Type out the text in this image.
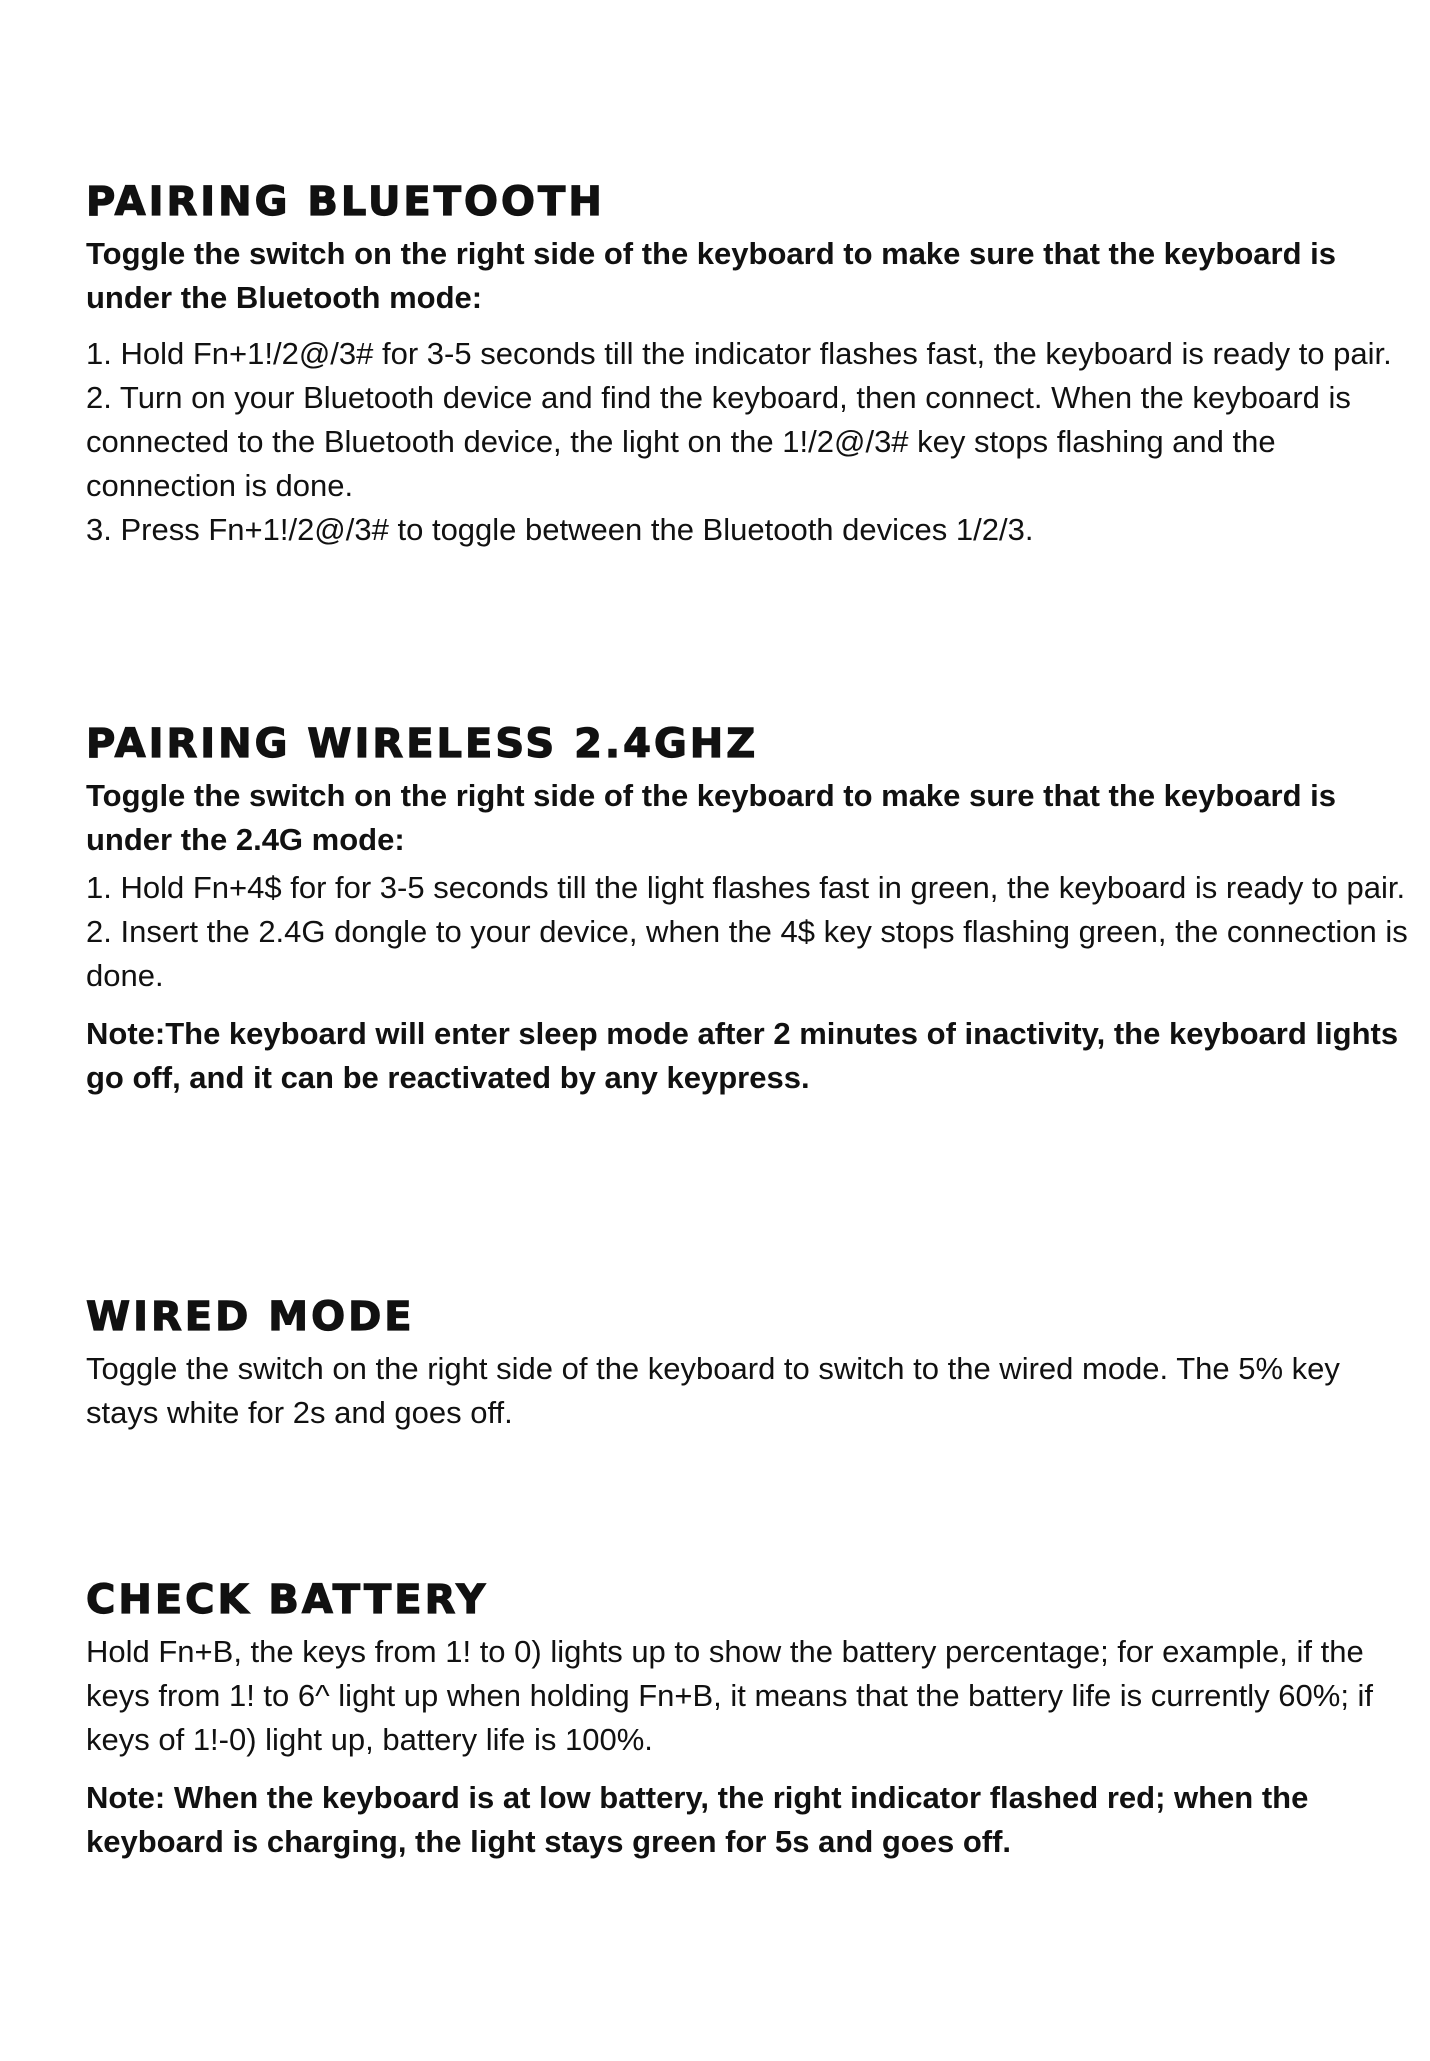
PAIRING BLUETOOTH

Toggle the switch on the right side of the keyboard to make sure that the keyboard is under the Bluetooth mode:

1. Hold Fn+1!/2@/3# for 3-5 seconds till the indicator flashes fast, the keyboard is ready to pair.

2. Turn on your Bluetooth device and find the keyboard, then connect. When the keyboard is connected to the Bluetooth device, the light on the 1!/2@/3# key stops flashing and the connection is done.

3. Press Fn+1!/2@/3# to toggle between the Bluetooth devices 1/2/3.

PAIRING WIRELESS 2.4GHZ

Toggle the switch on the right side of the keyboard to make sure that the keyboard is under the 2.4G mode:

1. Hold Fn+4$ for for 3-5 seconds till the light flashes fast in green, the keyboard is ready to pair.

2. Insert the 2.4G dongle to your device, when the 4$ key stops flashing green, the connection is done.

Note:The keyboard will enter sleep mode after 2 minutes of inactivity, the keyboard lights go off, and it can be reactivated by any keypress.

WIRED MODE

Toggle the switch on the right side of the keyboard to switch to the wired mode. The 5% key stays white for 2s and goes off.

CHECK BATTERY

Hold Fn+B, the keys from 1! to 0) lights up to show the battery percentage; for example, if the keys from 1! to 6^ light up when holding Fn+B, it means that the battery life is currently 60%; if keys of 1!-0) light up, battery life is 100%.

Note: When the keyboard is at low battery, the right indicator flashed red; when the keyboard is charging, the light stays green for 5s and goes off.
